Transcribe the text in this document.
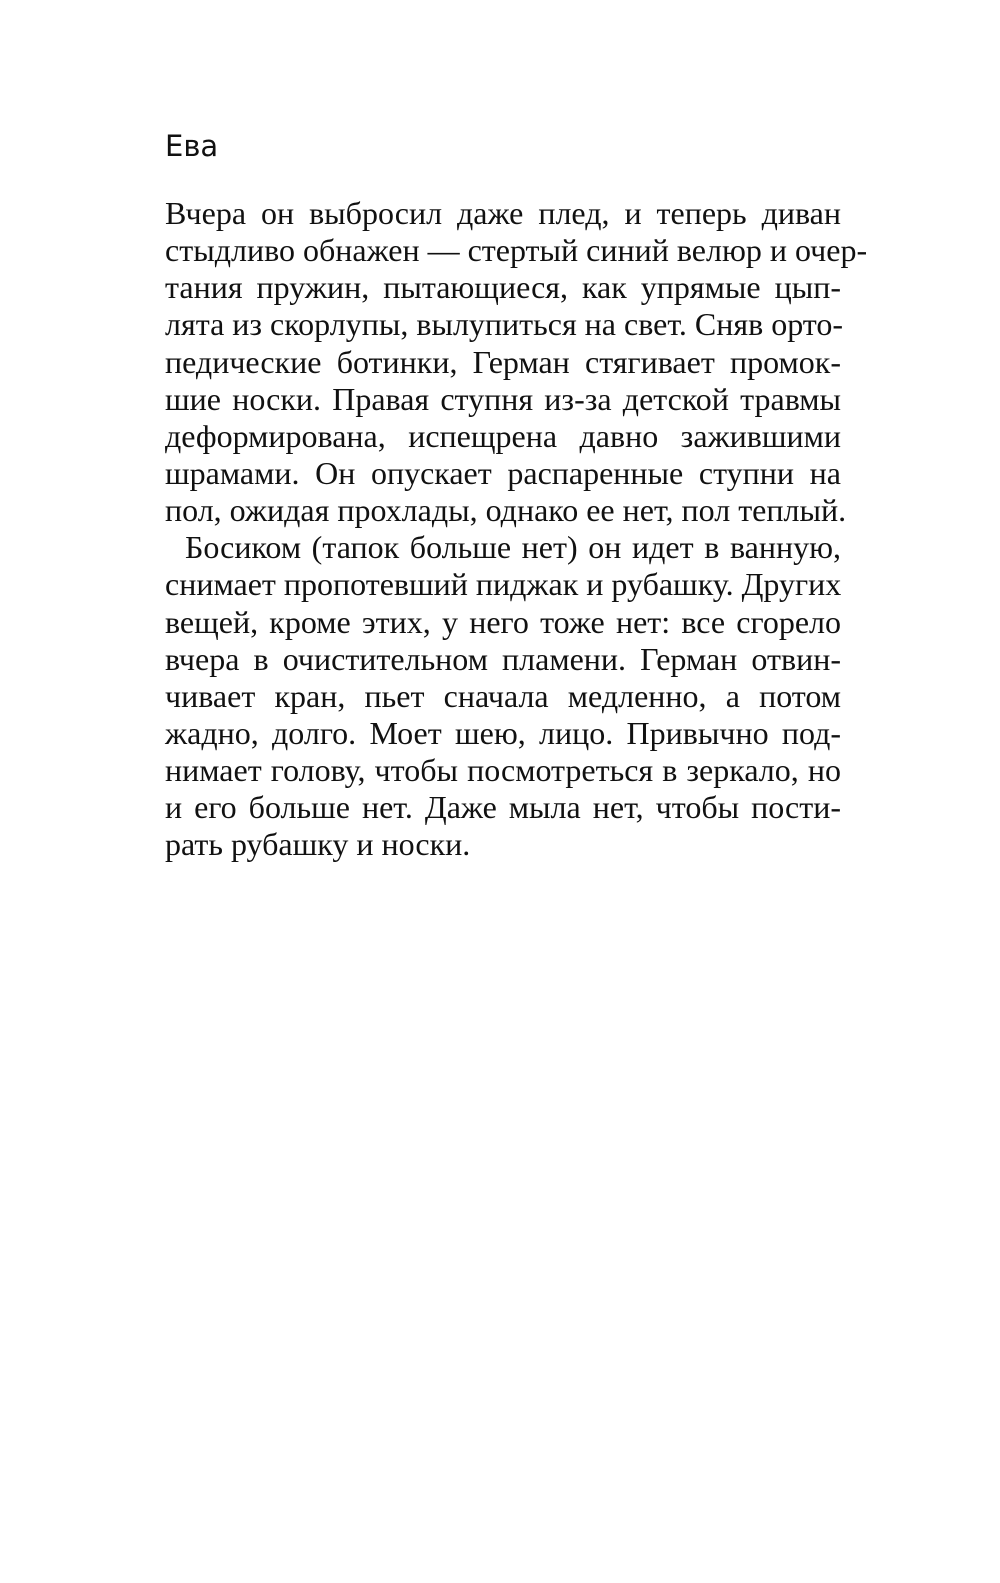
Ева
Вчера он выбросил даже плед, и теперь диван
стыдливо обнажен — стертый синий велюр и очер-
тания пружин, пытающиеся, как упрямые цып-
лята из скорлупы, вылупиться на свет. Сняв орто-
педические ботинки, Герман стягивает промок-
шие носки. Правая ступня из-за детской травмы
деформирована, испещрена давно зажившими
шрамами. Он опускает распаренные ступни на
пол, ожидая прохлады, однако ее нет, пол теплый.
Босиком (тапок больше нет) он идет в ванную,
снимает пропотевший пиджак и рубашку. Других
вещей, кроме этих, у него тоже нет: все сгорело
вчера в очистительном пламени. Герман отвин-
чивает кран, пьет сначала медленно, а потом
жадно, долго. Моет шею, лицо. Привычно под-
нимает голову, чтобы посмотреться в зеркало, но
и его больше нет. Даже мыла нет, чтобы пости-
рать рубашку и носки.
